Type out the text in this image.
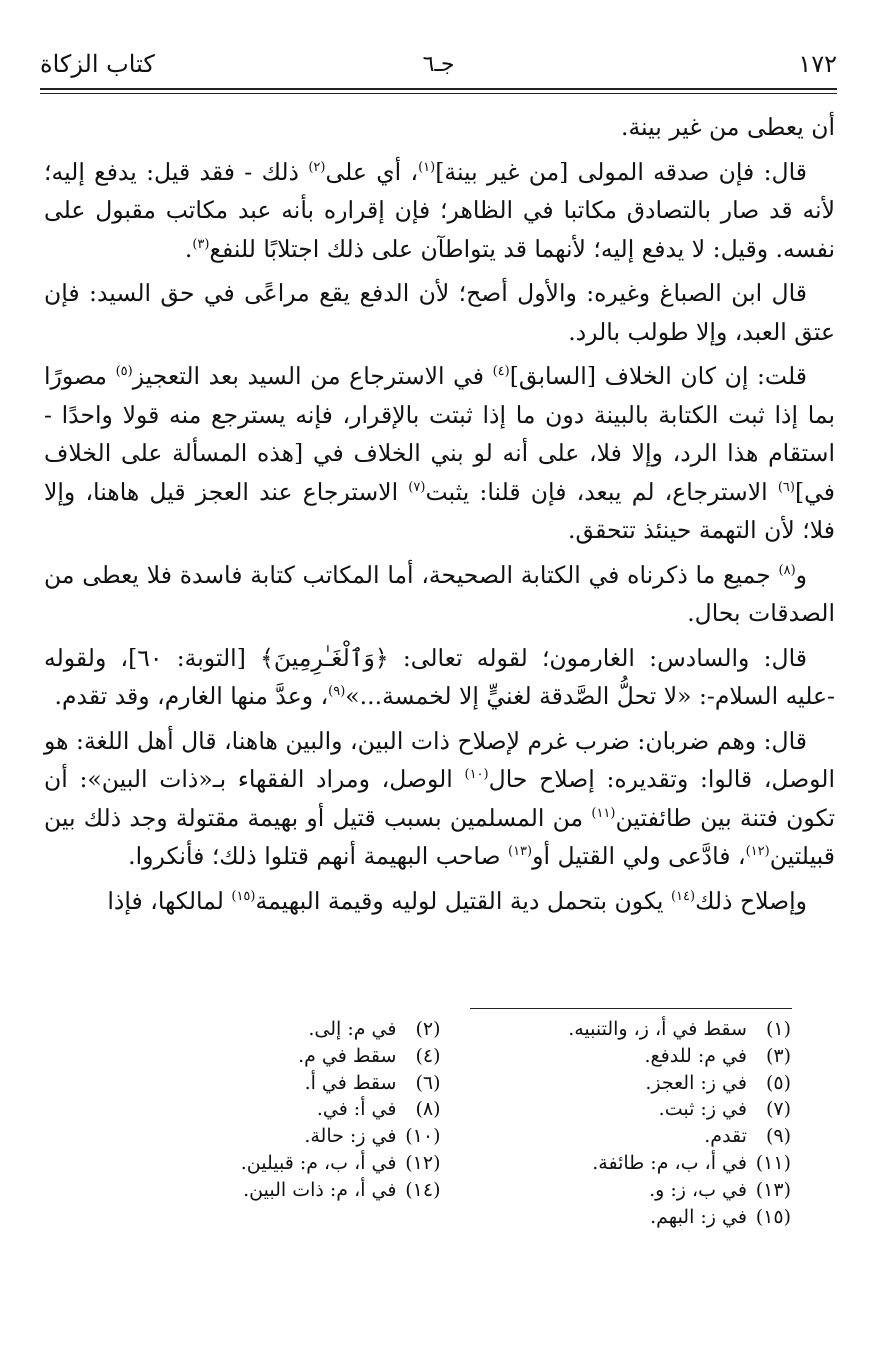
١٧٢
جـ٦
كتاب الزكاة

أن يعطى من غير بينة.

قال: فإن صدقه المولى [من غير بينة]$^{(١)}$، أي على$^{(٢)}$ ذلك - فقد قيل: يدفع إليه؛ لأنه قد صار بالتصادق مكاتبا في الظاهر؛ فإن إقراره بأنه عبد مكاتب مقبول على نفسه. وقيل: لا يدفع إليه؛ لأنهما قد يتواطآن على ذلك اجتلابًا للنفع$^{(٣)}$.

قال ابن الصباغ وغيره: والأول أصح؛ لأن الدفع يقع مراعًى في حق السيد: فإن عتق العبد، وإلا طولب بالرد.

قلت: إن كان الخلاف [السابق]$^{(٤)}$ في الاسترجاع من السيد بعد التعجيز$^{(٥)}$ مصورًا بما إذا ثبت الكتابة بالبينة دون ما إذا ثبتت بالإقرار، فإنه يسترجع منه قولا واحدًا - استقام هذا الرد، وإلا فلا، على أنه لو بني الخلاف في [هذه المسألة على الخلاف في]$^{(٦)}$ الاسترجاع، لم يبعد، فإن قلنا: يثبت$^{(٧)}$ الاسترجاع عند العجز قيل هاهنا، وإلا فلا؛ لأن التهمة حينئذ تتحقق.

و$^{(٨)}$ جميع ما ذكرناه في الكتابة الصحيحة، أما المكاتب كتابة فاسدة فلا يعطى من الصدقات بحال.

قال: والسادس: الغارمون؛ لقوله تعالى: ﴿وَٱلْغَـٰرِمِينَ﴾ [التوبة: ٦٠]، ولقوله -عليه السلام-: «لا تحلُّ الصَّدقة لغنيٍّ إلا لخمسة...»$^{(٩)}$، وعدَّ منها الغارم، وقد تقدم.

قال: وهم ضربان: ضرب غرم لإصلاح ذات البين، والبين هاهنا، قال أهل اللغة: هو الوصل، قالوا: وتقديره: إصلاح حال$^{(١٠)}$ الوصل، ومراد الفقهاء بـ«ذات البين»: أن تكون فتنة بين طائفتين$^{(١١)}$ من المسلمين بسبب قتيل أو بهيمة مقتولة وجد ذلك بين قبيلتين$^{(١٢)}$، فادَّعى ولي القتيل أو$^{(١٣)}$ صاحب البهيمة أنهم قتلوا ذلك؛ فأنكروا.

وإصلاح ذلك$^{(١٤)}$ يكون بتحمل دية القتيل لوليه وقيمة البهيمة$^{(١٥)}$ لمالكها، فإذا

(١) سقط في أ، ز، والتنبيه.
(٢) في م: إلى.
(٣) في م: للدفع.
(٤) سقط في م.
(٥) في ز: العجز.
(٦) سقط في أ.
(٧) في ز: ثبت.
(٨) في أ: في.
(٩) تقدم.
(١٠) في ز: حالة.
(١١) في أ، ب، م: طائفة.
(١٢) في أ، ب، م: قبيلين.
(١٣) في ب، ز: و.
(١٤) في أ، م: ذات البين.
(١٥) في ز: البهم.
